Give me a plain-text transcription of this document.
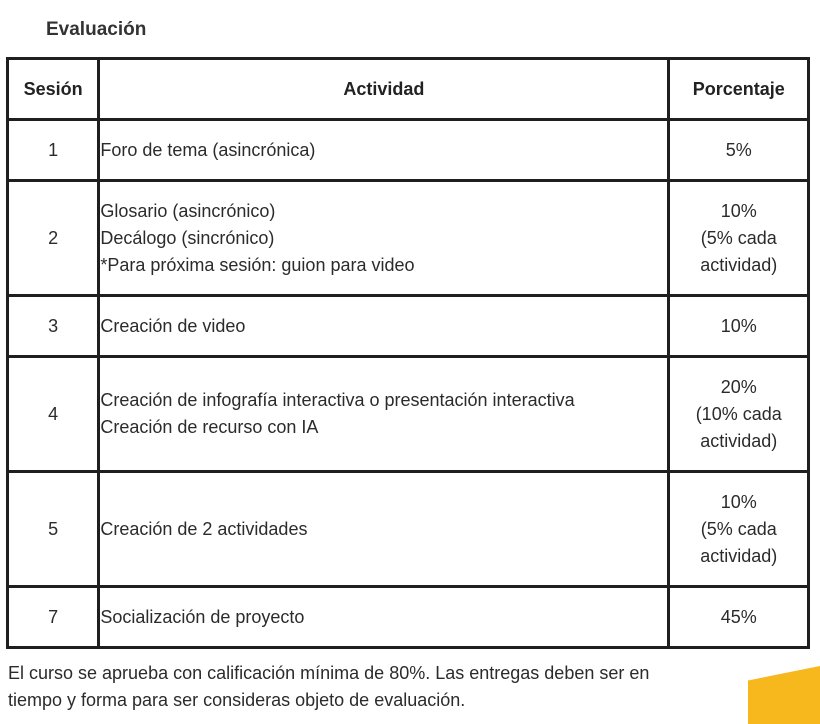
Evaluación
Sesión	Actividad	Porcentaje
1	Foro de tema (asincrónica)	5%

2	Glosario (asincrónico)
Decálogo (sincrónico)
*Para próxima sesión: guion para video	10%
(5% cada
actividad)

3	Creación de video	10%

4	Creación de infografía interactiva o presentación interactiva
Creación de recurso con IA	20%
(10% cada
actividad)

5	Creación de 2 actividades	10%
(5% cada
actividad)

7	Socialización de proyecto	45%
El curso se aprueba con calificación mínima de 80%. Las entregas deben ser en
tiempo y forma para ser consideras objeto de evaluación.
